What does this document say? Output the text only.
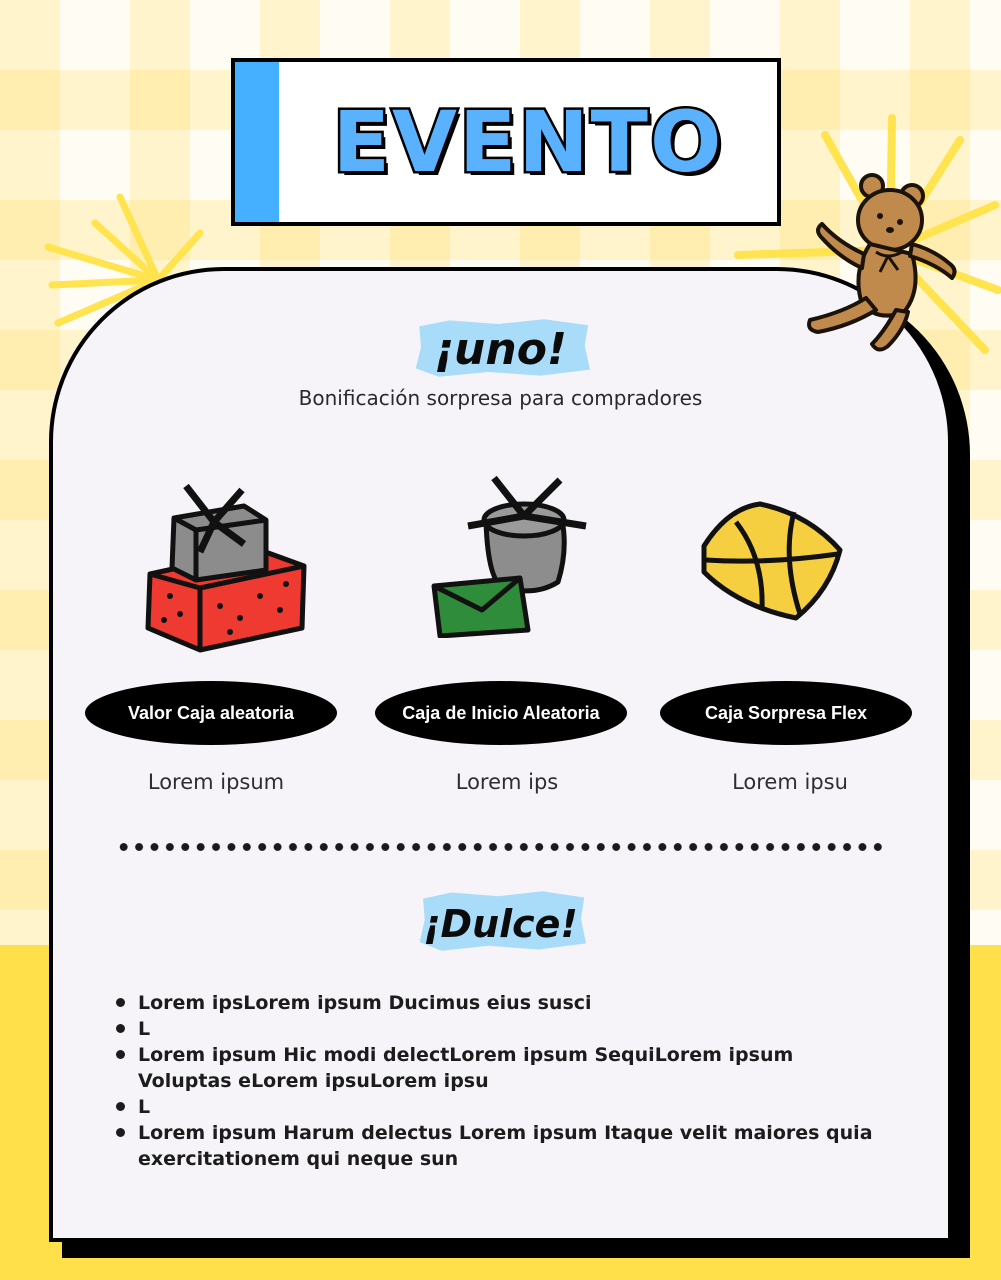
EVENTO
¡uno!
Bonificación sorpresa para compradores
Valor Caja aleatoria	Caja de Inicio Aleatoria	Caja Sorpresa Flex
Lorem ipsum	Lorem ips	Lorem ipsu
¡Dulce!
Lorem ipsLorem ipsum Ducimus eius susci
L
Lorem ipsum Hic modi delectLorem ipsum SequiLorem ipsum Voluptas eLorem ipsuLorem ipsu
L
Lorem ipsum Harum delectus Lorem ipsum Itaque velit maiores quia exercitationem qui neque sun
